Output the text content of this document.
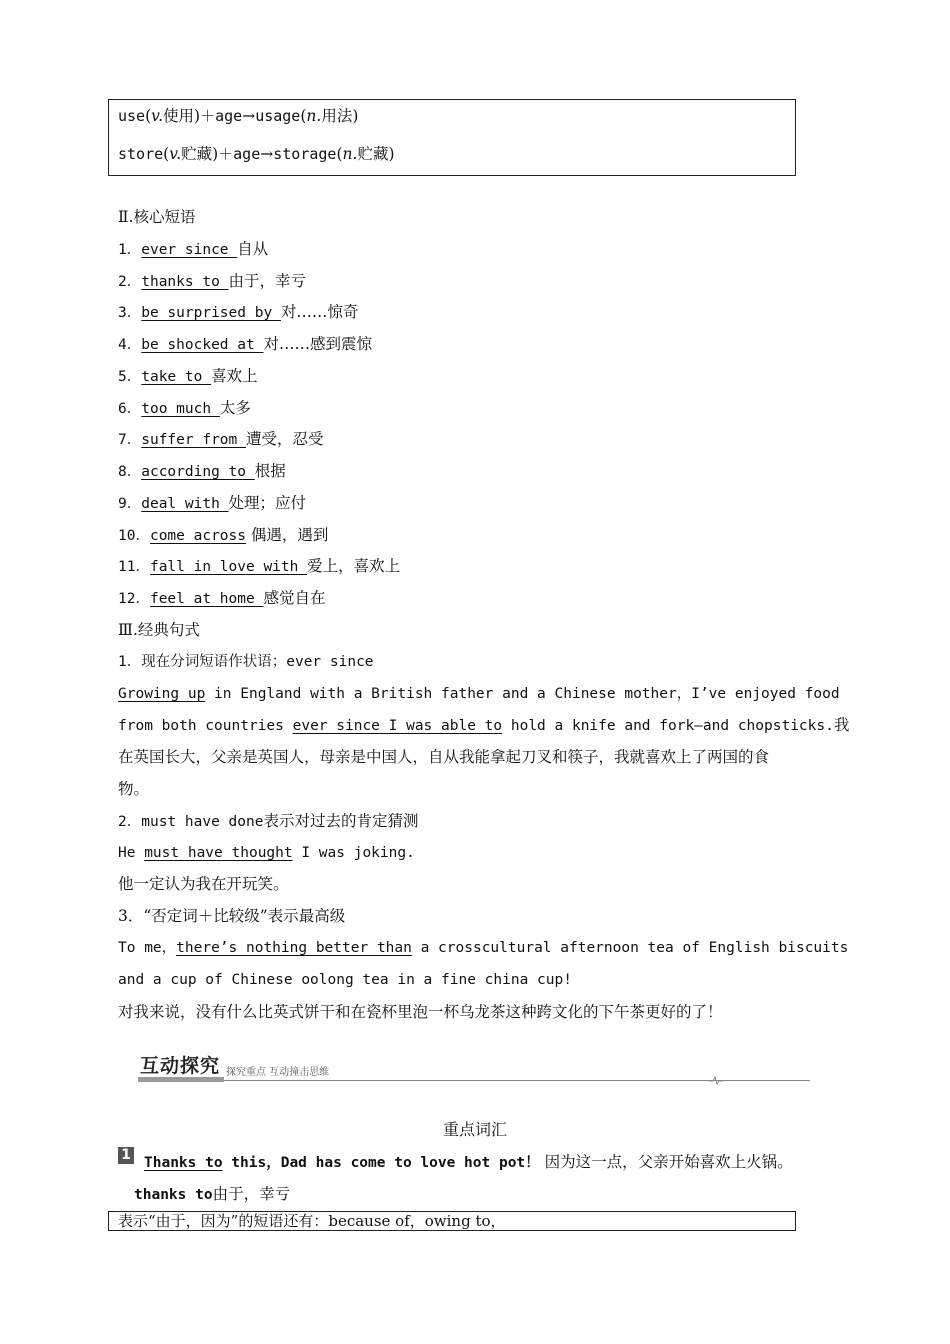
use(v.使用)＋age→usage(n.用法)
store(v.贮藏)＋age→storage(n.贮藏)
Ⅱ.核心短语
1．ever since 自从
2．thanks to 由于，幸亏
3．be surprised by 对……惊奇
4．be shocked at 对……感到震惊
5．take to 喜欢上
6．too much 太多
7．suffer from 遭受，忍受
8．according to 根据
9．deal with 处理；应付
10．come across 偶遇，遇到
11．fall in love with 爱上，喜欢上
12．feel at home 感觉自在
Ⅲ.经典句式
1．现在分词短语作状语；ever since
Growing up in England with a British father and a Chinese mother，I’ve enjoyed food
from both countries ever since I was able to hold a knife and fork—and chopsticks.我
在英国长大，父亲是英国人，母亲是中国人，自从我能拿起刀叉和筷子，我就喜欢上了两国的食
物。
2．must have done表示对过去的肯定猜测
He must have thought I was joking.
他一定认为我在开玩笑。
3．“否定词＋比较级”表示最高级
To me，there’s nothing better than a crosscultural afternoon tea of English biscuits
and a cup of Chinese oolong tea in a fine china cup!
对我来说，没有什么比英式饼干和在瓷杯里泡一杯乌龙茶这种跨文化的下午茶更好的了！
互动探究 探究重点 互动撞击思维
重点词汇
1 Thanks to this，Dad has come to love hot pot！ 因为这一点，父亲开始喜欢上火锅。
thanks to由于，幸亏
表示“由于，因为”的短语还有：because of，owing to，
